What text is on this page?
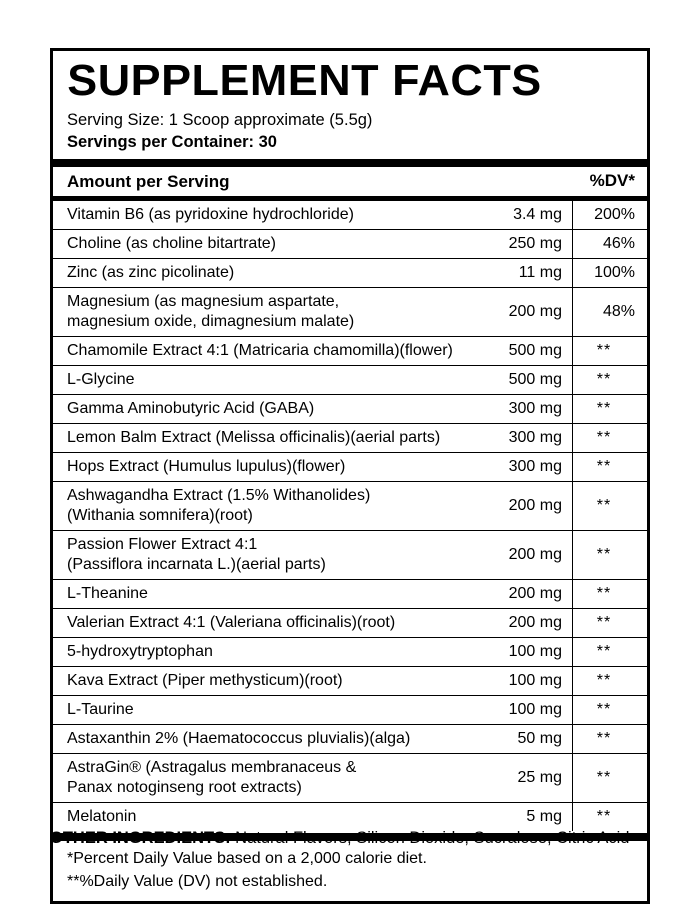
SUPPLEMENT FACTS
Serving Size: 1 Scoop approximate (5.5g)
Servings per Container: 30
Amount per Serving	%DV*
Vitamin B6 (as pyridoxine hydrochloride)	3.4 mg	200%
Choline (as choline bitartrate)	250 mg	46%
Zinc (as zinc picolinate)	11 mg	100%
Magnesium (as magnesium aspartate,
magnesium oxide, dimagnesium malate)	200 mg	48%
Chamomile Extract 4:1 (Matricaria chamomilla)(flower)	500 mg	**
L-Glycine	500 mg	**
Gamma Aminobutyric Acid (GABA)	300 mg	**
Lemon Balm Extract (Melissa officinalis)(aerial parts)	300 mg	**
Hops Extract (Humulus lupulus)(flower)	300 mg	**
Ashwagandha Extract (1.5% Withanolides)
(Withania somnifera)(root)	200 mg	**
Passion Flower Extract 4:1
(Passiflora incarnata L.)(aerial parts)	200 mg	**
L-Theanine	200 mg	**
Valerian Extract 4:1 (Valeriana officinalis)(root)	200 mg	**
5-hydroxytryptophan	100 mg	**
Kava Extract (Piper methysticum)(root)	100 mg	**
L-Taurine	100 mg	**
Astaxanthin 2% (Haematococcus pluvialis)(alga)	50 mg	**
AstraGin® (Astragalus membranaceus &
Panax notoginseng root extracts)	25 mg	**
Melatonin	5 mg	**
*Percent Daily Value based on a 2,000 calorie diet.
**%Daily Value (DV) not established.
OTHER INGREDIENTS: Natural Flavors, Silicon Dioxide, Sucralose, Citric Acid
